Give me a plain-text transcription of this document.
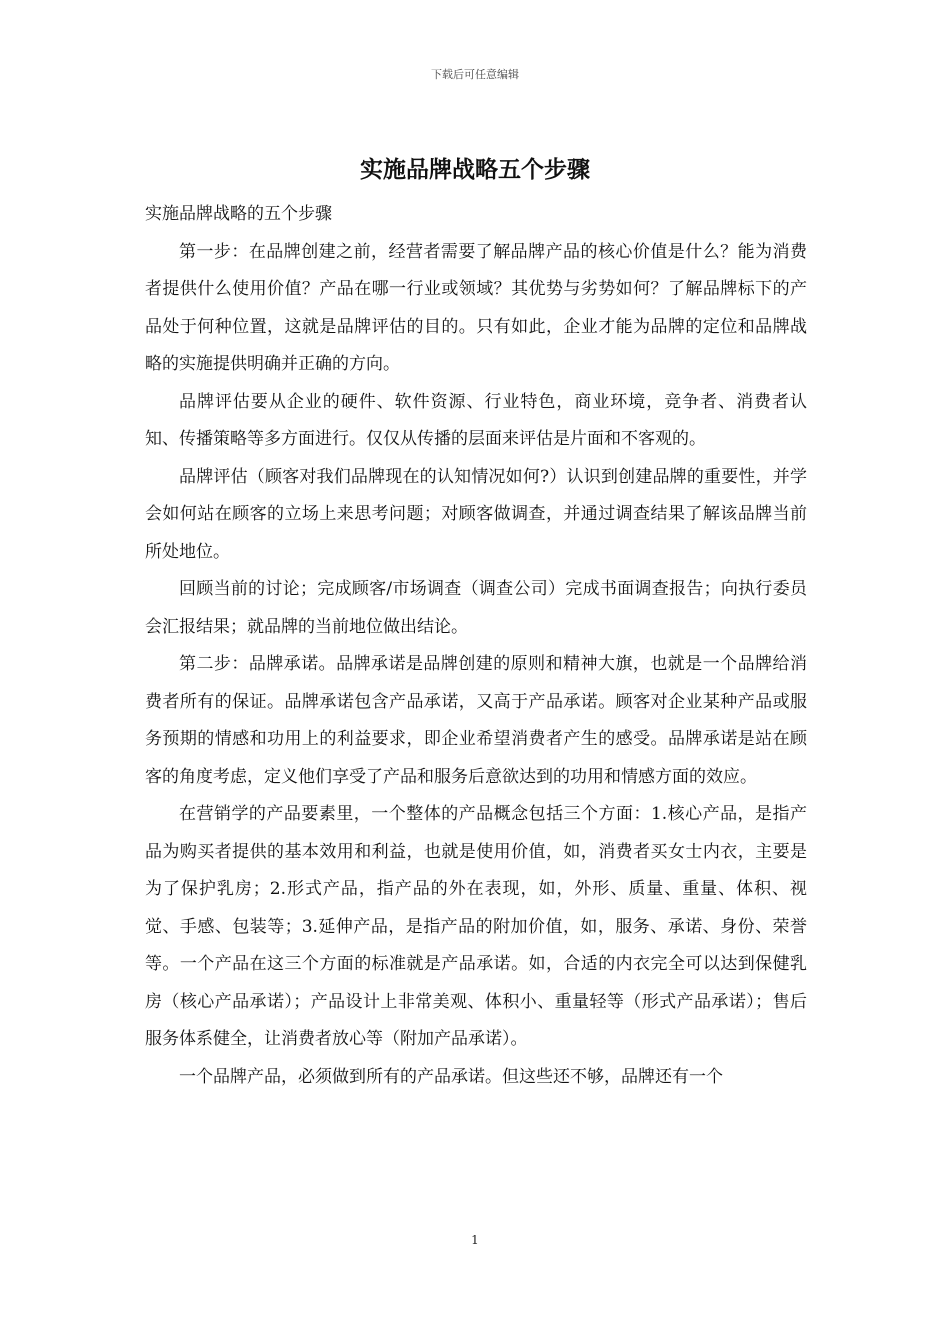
下载后可任意编辑
实施品牌战略五个步骤

实施品牌战略的五个步骤

第一步：在品牌创建之前，经营者需要了解品牌产品的核心价值是什么？能为消费者提供什么使用价值？产品在哪一行业或领域？其优势与劣势如何？了解品牌标下的产品处于何种位置，这就是品牌评估的目的。只有如此，企业才能为品牌的定位和品牌战略的实施提供明确并正确的方向。

品牌评估要从企业的硬件、软件资源、行业特色，商业环境，竞争者、消费者认知、传播策略等多方面进行。仅仅从传播的层面来评估是片面和不客观的。

品牌评估（顾客对我们品牌现在的认知情况如何?）认识到创建品牌的重要性，并学会如何站在顾客的立场上来思考问题；对顾客做调查，并通过调查结果了解该品牌当前所处地位。

回顾当前的讨论；完成顾客/市场调查（调查公司）完成书面调查报告；向执行委员会汇报结果；就品牌的当前地位做出结论。

第二步：品牌承诺。品牌承诺是品牌创建的原则和精神大旗，也就是一个品牌给消费者所有的保证。品牌承诺包含产品承诺，又高于产品承诺。顾客对企业某种产品或服务预期的情感和功用上的利益要求，即企业希望消费者产生的感受。品牌承诺是站在顾客的角度考虑，定义他们享受了产品和服务后意欲达到的功用和情感方面的效应。

在营销学的产品要素里，一个整体的产品概念包括三个方面：1.核心产品，是指产品为购买者提供的基本效用和利益，也就是使用价值，如，消费者买女士内衣，主要是为了保护乳房；2.形式产品，指产品的外在表现，如，外形、质量、重量、体积、视觉、手感、包装等；3.延伸产品，是指产品的附加价值，如，服务、承诺、身份、荣誉等。一个产品在这三个方面的标准就是产品承诺。如，合适的内衣完全可以达到保健乳房（核心产品承诺）；产品设计上非常美观、体积小、重量轻等（形式产品承诺）；售后服务体系健全，让消费者放心等（附加产品承诺）。

一个品牌产品，必须做到所有的产品承诺。但这些还不够，品牌还有一个

1
